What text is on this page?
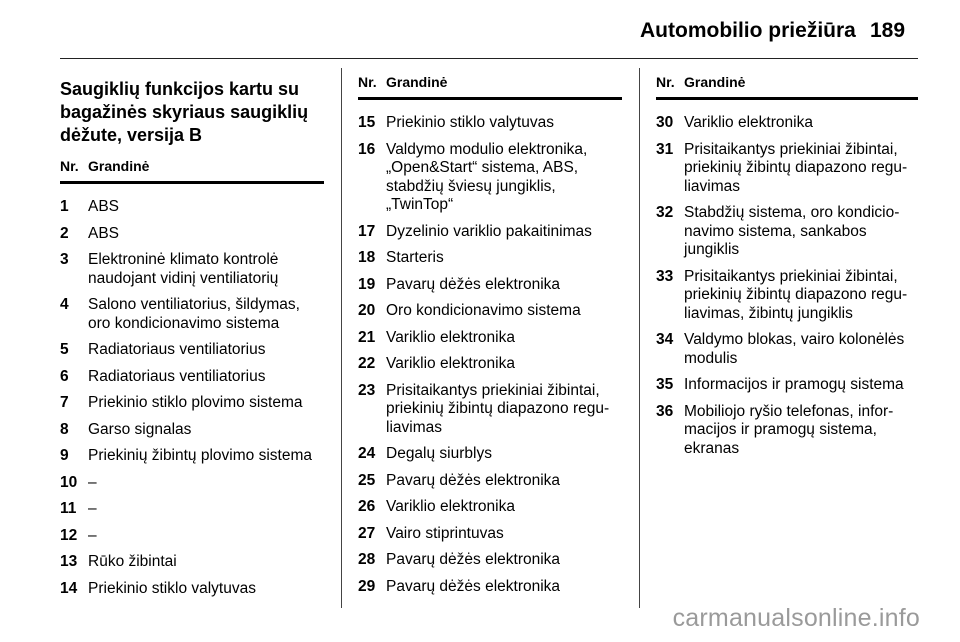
Automobilio priežiūra 189
Saugiklių funkcijos kartu su bagažinės skyriaus saugiklių dėžute, versija B
Nr. Grandinė
1	ABS
2	ABS
3	Elektroninė klimato kontrolė naudojant vidinį ventiliatorių
4	Salono ventiliatorius, šildymas, oro kondicionavimo sistema
5	Radiatoriaus ventiliatorius
6	Radiatoriaus ventiliatorius
7	Priekinio stiklo plovimo sistema
8	Garso signalas
9	Priekinių žibintų plovimo sistema
10 –
11 –
12 –
13 Rūko žibintai
14 Priekinio stiklo valytuvas
Nr. Grandinė
15 Priekinio stiklo valytuvas
16 Valdymo modulio elektronika, „Open&Start“ sistema, ABS, stabdžių šviesų jungiklis, „TwinTop“
17 Dyzelinio variklio pakaitinimas
18 Starteris
19 Pavarų dėžės elektronika
20 Oro kondicionavimo sistema
21 Variklio elektronika
22 Variklio elektronika
23 Prisitaikantys priekiniai žibintai, priekinių žibintų diapazono regu- liavimas
24 Degalų siurblys
25 Pavarų dėžės elektronika
26 Variklio elektronika
27 Vairo stiprintuvas
28 Pavarų dėžės elektronika
29 Pavarų dėžės elektronika
Nr. Grandinė
30 Variklio elektronika
31 Prisitaikantys priekiniai žibintai, priekinių žibintų diapazono regu- liavimas
32 Stabdžių sistema, oro kondicio- navimo sistema, sankabos jungiklis
33 Prisitaikantys priekiniai žibintai, priekinių žibintų diapazono regu- liavimas, žibintų jungiklis
34 Valdymo blokas, vairo kolonėlės modulis
35 Informacijos ir pramogų sistema
36 Mobiliojo ryšio telefonas, infor- macijos ir pramogų sistema, ekranas
carmanualsonline.info
